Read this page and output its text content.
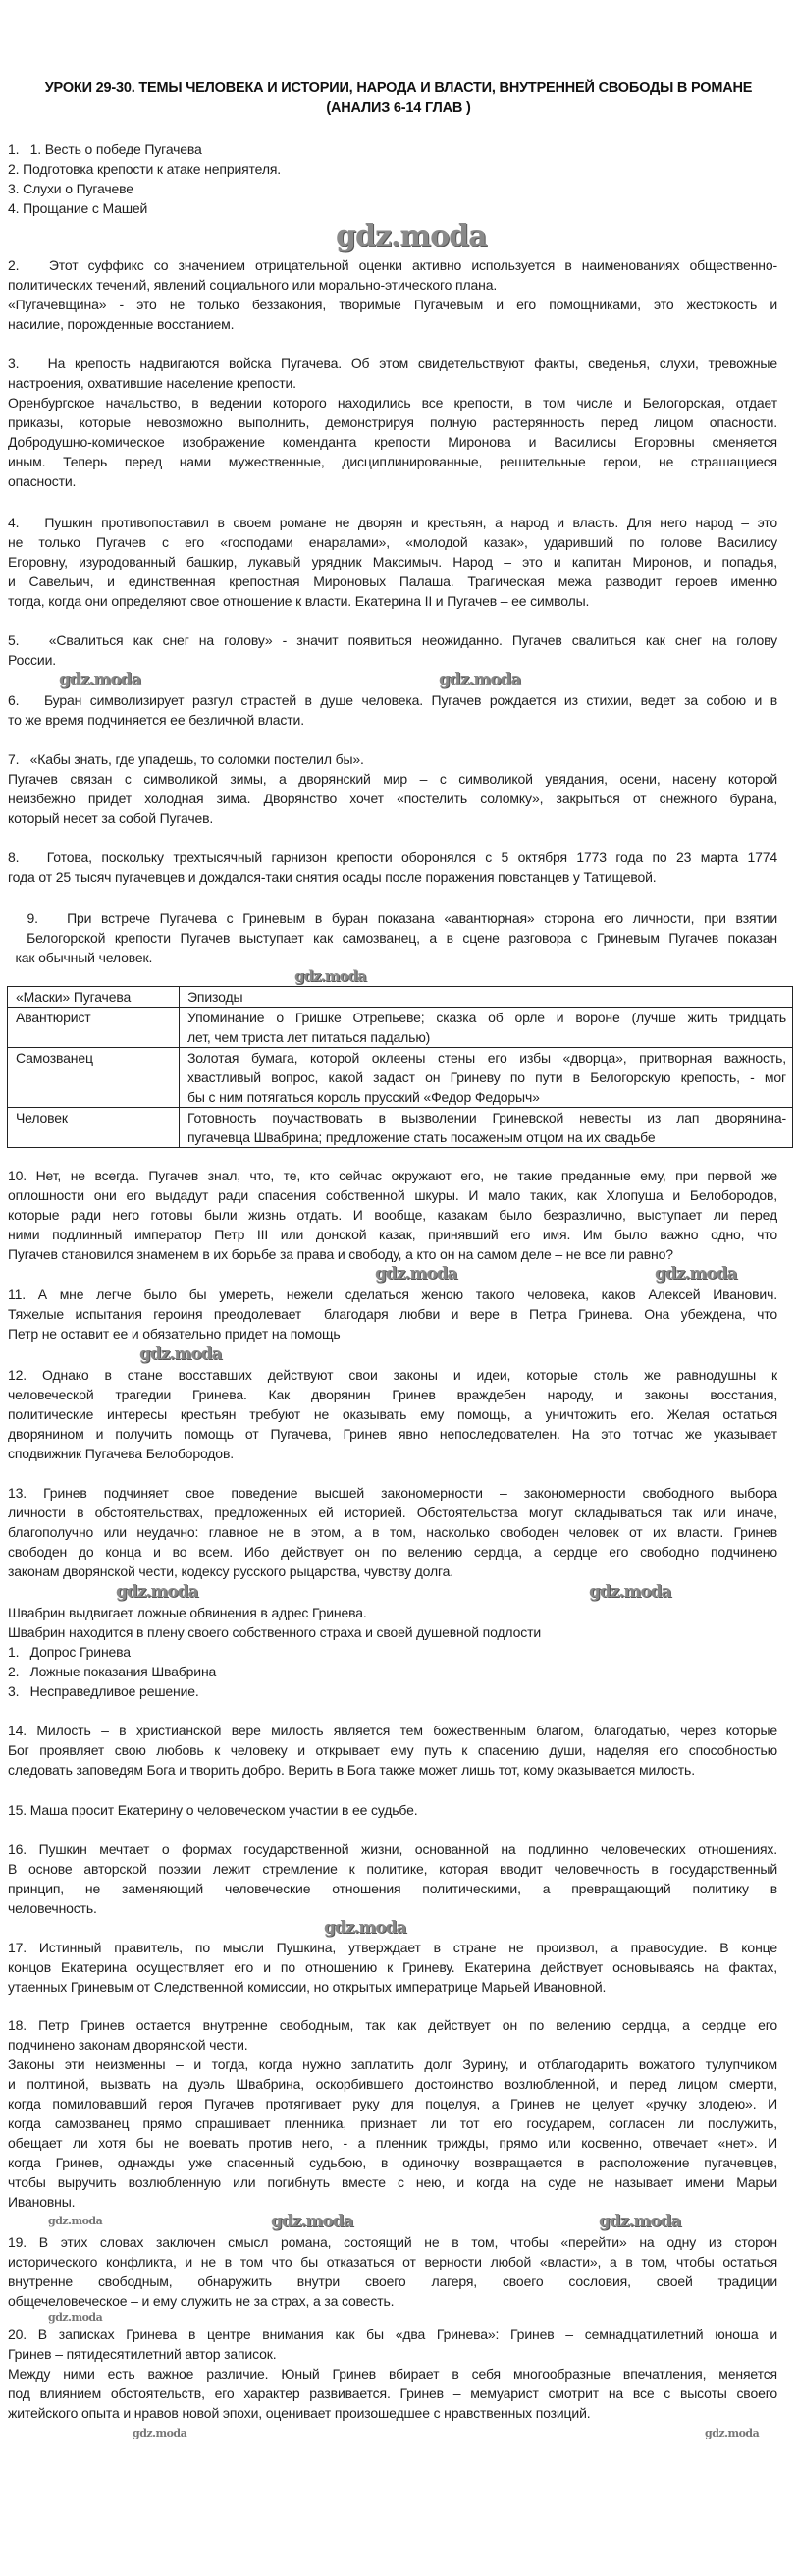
УРОКИ 29-30. ТЕМЫ ЧЕЛОВЕКА И ИСТОРИИ, НАРОДА И ВЛАСТИ, ВНУТРЕННЕЙ СВОБОДЫ В РОМАНЕ
(АНАЛИЗ 6-14 ГЛАВ )
1.   1. Весть о победе Пугачева
2. Подготовка крепости к атаке неприятеля.
3. Слухи о Пугачеве
4. Прощание с Машей
2.   Этот суффикс со значением отрицательной оценки активно используется в наименованиях общественно-
политических течений, явлений социального или морально-этического плана.
«Пугачевщина» - это не только беззакония, творимые Пугачевым и его помощниками, это жестокость и
насилие, порожденные восстанием.
3.   На крепость надвигаются войска Пугачева. Об этом свидетельствуют факты, сведенья, слухи, тревожные
настроения, охватившие население крепости.
Оренбургское начальство, в ведении которого находились все крепости, в том числе и Белогорская, отдает
приказы, которые невозможно выполнить, демонстрируя полную растерянность перед лицом опасности.
Добродушно-комическое изображение коменданта крепости Миронова и Василисы Егоровны сменяется
иным. Теперь перед нами мужественные, дисциплинированные, решительные герои, не страшащиеся
опасности.
4.   Пушкин противопоставил в своем романе не дворян и крестьян, а народ и власть. Для него народ – это
не только Пугачев с его «господами енаралами», «молодой казак», ударивший по голове Василису
Егоровну, изуродованный башкир, лукавый урядник Максимыч. Народ – это и капитан Миронов, и попадья,
и Савельич, и единственная крепостная Мироновых Палаша. Трагическая межа разводит героев именно
тогда, когда они определяют свое отношение к власти. Екатерина II и Пугачев – ее символы.
5.   «Свалиться как снег на голову» - значит появиться неожиданно. Пугачев свалиться как снег на голову
России.
6.   Буран символизирует разгул страстей в душе человека. Пугачев рождается из стихии, ведет за собою и в
то же время подчиняется ее безличной власти.
7.   «Кабы знать, где упадешь, то соломки постелил бы».
Пугачев связан с символикой зимы, а дворянский мир – с символикой увядания, осени, насену которой
неизбежно придет холодная зима. Дворянство хочет «постелить соломку», закрыться от снежного бурана,
который несет за собой Пугачев.
8.   Готова, поскольку трехтысячный гарнизон крепости оборонялся с 5 октября 1773 года по 23 марта 1774
года от 25 тысяч пугачевцев и дождался-таки снятия осады после поражения повстанцев у Татищевой.
9.   При встрече Пугачева с Гриневым в буран показана «авантюрная» сторона его личности, при взятии
Белогорской крепости Пугачев выступает как самозванец, а в сцене разговора с Гриневым Пугачев показан
как обычный человек.
«Маски» Пугачева	Эпизоды
Авантюрист	Упоминание о Гришке Отрепьеве; сказка об орле и вороне (лучше жить тридцать
лет, чем триста лет питаться падалью)

Самозванец	Золотая бумага, которой оклеены стены его избы «дворца», притворная важность,
хвастливый вопрос, какой задаст он Гриневу по пути в Белогорскую крепость, - мог
бы с ним потягаться король прусский «Федор Федорыч»

Человек	Готовность поучаствовать в вызволении Гриневской невесты из лап дворянина-
пугачевца Швабрина; предложение стать посаженым отцом на их свадьбе
10. Нет, не всегда. Пугачев знал, что, те, кто сейчас окружают его, не такие преданные ему, при первой же
оплошности они его выдадут ради спасения собственной шкуры. И мало таких, как Хлопуша и Белобородов,
которые ради него готовы были жизнь отдать. И вообще, казакам было безразлично, выступает ли перед
ними подлинный император Петр III или донской казак, принявший его имя. Им было важно одно, что
Пугачев становился знаменем в их борьбе за права и свободу, а кто он на самом деле – не все ли равно?
11. А мне легче было бы умереть, нежели сделаться женою такого человека, каков Алексей Иванович.
Тяжелые испытания героиня преодолевает  благодаря любви и вере в Петра Гринева. Она убеждена, что
Петр не оставит ее и обязательно придет на помощь
12. Однако в стане восставших действуют свои законы и идеи, которые столь же равнодушны к
человеческой трагедии Гринева. Как дворянин Гринев враждебен народу, и законы восстания,
политические интересы крестьян требуют не оказывать ему помощь, а уничтожить его. Желая остаться
дворянином и получить помощь от Пугачева, Гринев явно непоследователен. На это тотчас же указывает
сподвижник Пугачева Белобородов.
13. Гринев подчиняет свое поведение высшей закономерности – закономерности свободного выбора
личности в обстоятельствах, предложенных ей историей. Обстоятельства могут складываться так или иначе,
благополучно или неудачно: главное не в этом, а в том, насколько свободен человек от их власти. Гринев
свободен до конца и во всем. Ибо действует он по велению сердца, а сердце его свободно подчинено
законам дворянской чести, кодексу русского рыцарства, чувству долга.
Швабрин выдвигает ложные обвинения в адрес Гринева.
Швабрин находится в плену своего собственного страха и своей душевной подлости
1.   Допрос Гринева
2.   Ложные показания Швабрина
3.   Несправедливое решение.
14. Милость – в христианской вере милость является тем божественным благом, благодатью, через которые
Бог проявляет свою любовь к человеку и открывает ему путь к спасению души, наделяя его способностью
следовать заповедям Бога и творить добро. Верить в Бога также может лишь тот, кому оказывается милость.
15. Маша просит Екатерину о человеческом участии в ее судьбе.
16. Пушкин мечтает о формах государственной жизни, основанной на подлинно человеческих отношениях.
В основе авторской поэзии лежит стремление к политике, которая вводит человечность в государственный
принцип, не заменяющий человеческие отношения политическими, а превращающий политику в
человечность.
17. Истинный правитель, по мысли Пушкина, утверждает в стране не произвол, а правосудие. В конце
концов Екатерина осуществляет его и по отношению к Гриневу. Екатерина действует основываясь на фактах,
утаенных Гриневым от Следственной комиссии, но открытых императрице Марьей Ивановной.
18. Петр Гринев остается внутренне свободным, так как действует он по велению сердца, а сердце его
подчинено законам дворянской чести.
Законы эти неизменны – и тогда, когда нужно заплатить долг Зурину, и отблагодарить вожатого тулупчиком
и полтиной, вызвать на дуэль Швабрина, оскорбившего достоинство возлюбленной, и перед лицом смерти,
когда помиловавший героя Пугачев протягивает руку для поцелуя, а Гринев не целует «ручку злодею». И
когда самозванец прямо спрашивает пленника, признает ли тот его государем, согласен ли послужить,
обещает ли хотя бы не воевать против него, - а пленник трижды, прямо или косвенно, отвечает «нет». И
когда Гринев, однажды уже спасенный судьбою, в одиночку возвращается в расположение пугачевцев,
чтобы выручить возлюбленную или погибнуть вместе с нею, и когда на суде не называет имени Марьи
Ивановны.
19. В этих словах заключен смысл романа, состоящий не в том, чтобы «перейти» на одну из сторон
исторического конфликта, и не в том что бы отказаться от верности любой «власти», а в том, чтобы остаться
внутренне свободным, обнаружить внутри своего лагеря, своего сословия, своей традиции
общечеловеческое – и ему служить не за страх, а за совесть.
20. В записках Гринева в центре внимания как бы «два Гринева»: Гринев – семнадцатилетний юноша и
Гринев – пятидесятилетний автор записок.
Между ними есть важное различие. Юный Гринев вбирает в себя многообразные впечатления, меняется
под влиянием обстоятельств, его характер развивается. Гринев – мемуарист смотрит на все с высоты своего
житейского опыта и нравов новой эпохи, оценивает произошедшее с нравственных позиций.
gdz.moda
gdz.moda	gdz.moda
gdz.moda
gdz.moda	gdz.moda
gdz.moda
gdz.moda	gdz.moda
gdz.moda
gdz.moda	gdz.moda
gdz.moda
gdz.moda
gdz.moda	gdz.moda
